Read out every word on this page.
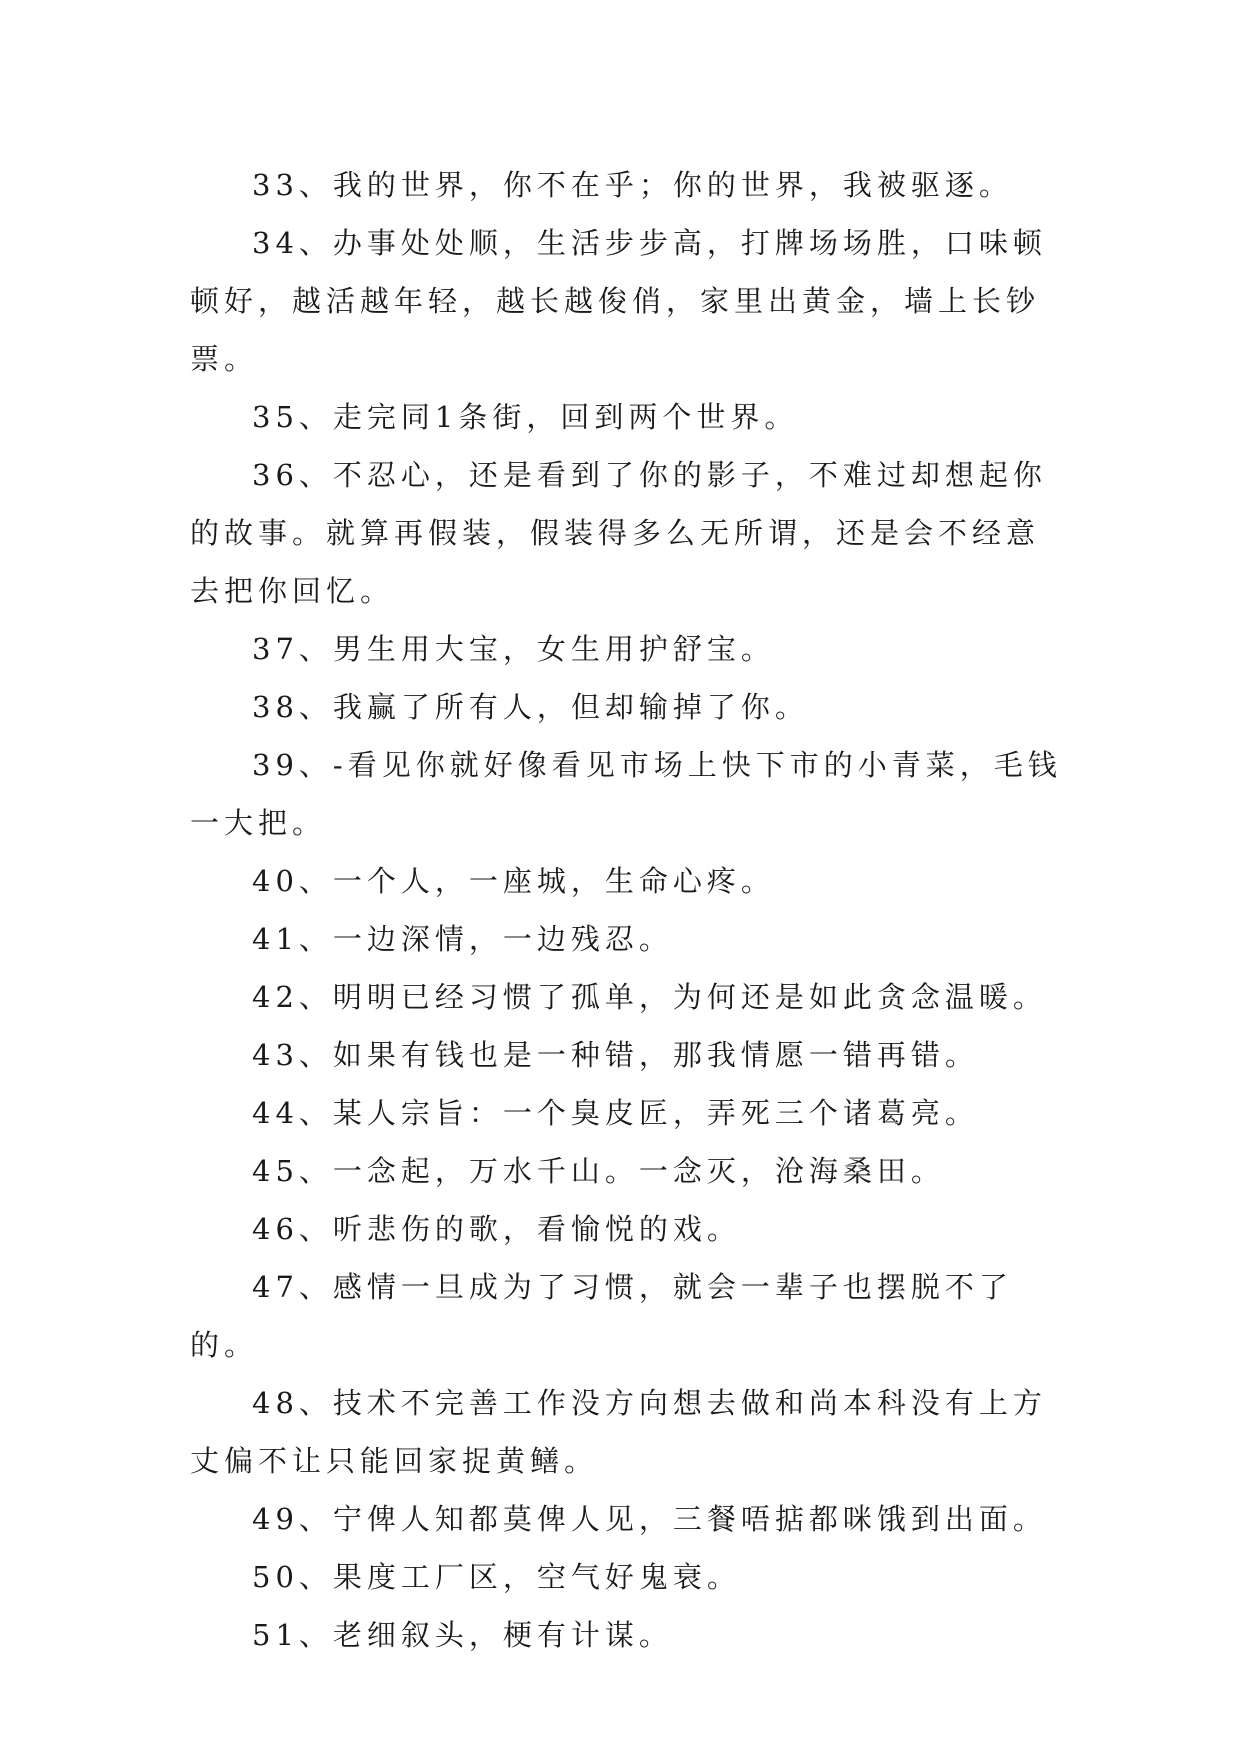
33、我的世界，你不在乎；你的世界，我被驱逐。

34、办事处处顺，生活步步高，打牌场场胜，口味顿顿好，越活越年轻，越长越俊俏，家里出黄金，墙上长钞票。

35、走完同1条街，回到两个世界。

36、不忍心，还是看到了你的影子，不难过却想起你的故事。就算再假装，假装得多么无所谓，还是会不经意去把你回忆。

37、男生用大宝，女生用护舒宝。

38、我赢了所有人，但却输掉了你。

39、-看见你就好像看见市场上快下市的小青菜，毛钱一大把。

40、一个人，一座城，生命心疼。

41、一边深情，一边残忍。

42、明明已经习惯了孤单，为何还是如此贪念温暖。

43、如果有钱也是一种错，那我情愿一错再错。

44、某人宗旨：一个臭皮匠，弄死三个诸葛亮。

45、一念起，万水千山。一念灭，沧海桑田。

46、听悲伤的歌，看愉悦的戏。

47、感情一旦成为了习惯，就会一辈子也摆脱不了的。

48、技术不完善工作没方向想去做和尚本科没有上方丈偏不让只能回家捉黄鳝。

49、宁俾人知都莫俾人见，三餐唔掂都咪饿到出面。

50、果度工厂区，空气好鬼衰。

51、老细叙头，梗有计谋。
